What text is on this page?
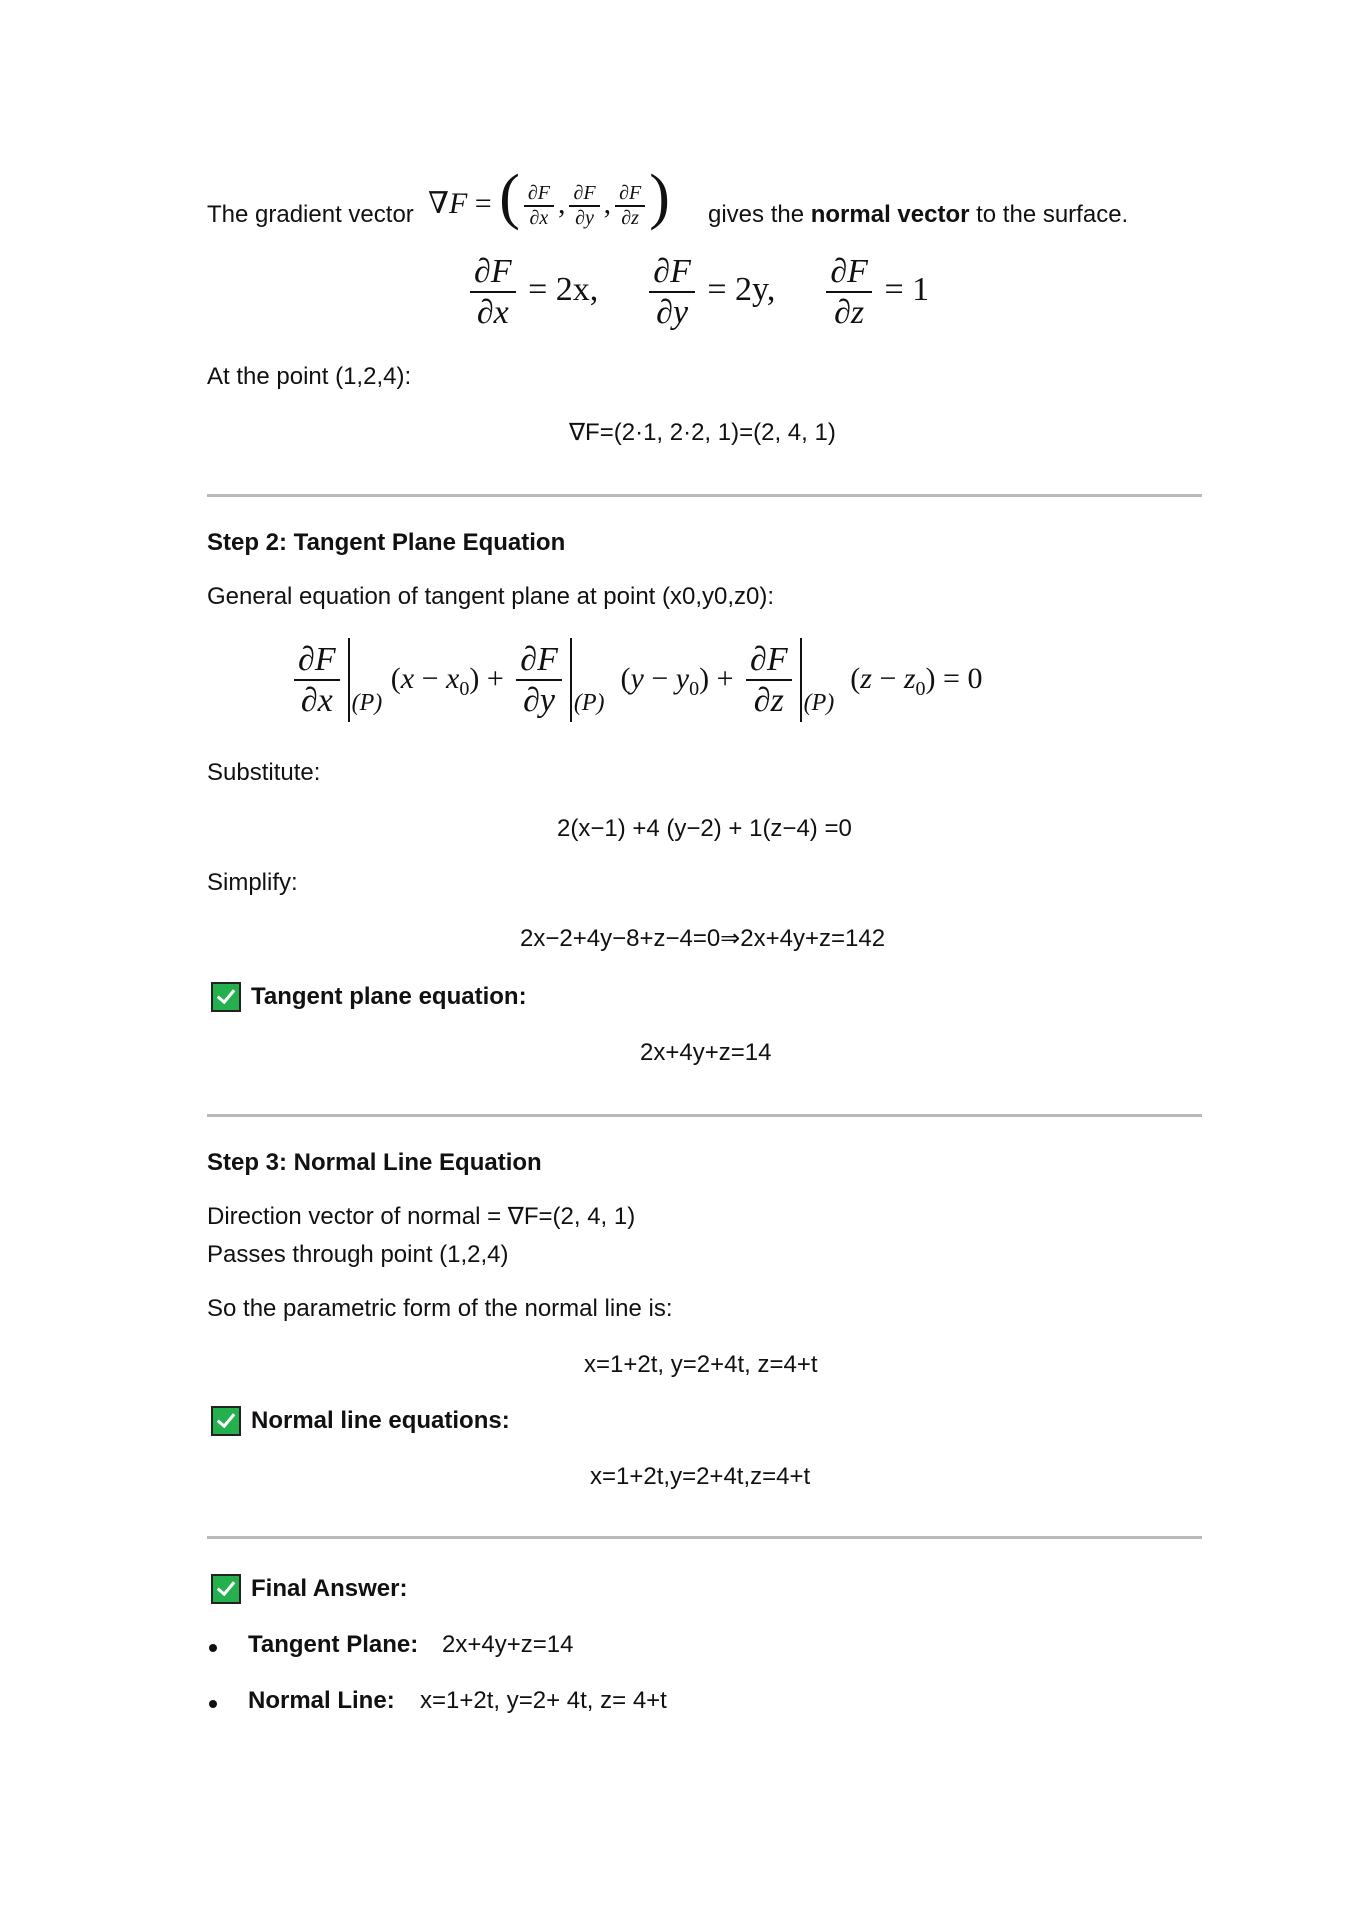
The gradient vector ∇F = ( $\frac{\partial F}{\partial x}$ , $\frac{\partial F}{\partial y}$ , $\frac{\partial F}{\partial z}$ ) gives the normal vector to the surface.
$\frac{\partial F}{\partial x} = 2x$, $\frac{\partial F}{\partial y} = 2y$, $\frac{\partial F}{\partial z} = 1$
At the point (1,2,4):
∇F=(2·1, 2·2, 1)=(2, 4, 1)
Step 2: Tangent Plane Equation
General equation of tangent plane at point (x0,y0,z0):
$\frac{\partial F}{\partial x} _{(P)}$ $(x - x_0) + \frac{\partial F}{\partial y} _{(P)}$  $(y - y_0) + \frac{\partial F}{\partial z} _{(P)}$  $(z - z_0) = 0$
Substitute:
2(x−1) +4 (y−2) + 1(z−4) =0
Simplify:
2x−2+4y−8+z−4=0⇒2x+4y+z=142
Tangent plane equation:
2x+4y+z=14
Step 3: Normal Line Equation
Direction vector of normal = ∇F=(2, 4, 1)
Passes through point (1,2,4)
So the parametric form of the normal line is:
x=1+2t, y=2+4t, z=4+t
Normal line equations:
x=1+2t,y=2+4t,z=4+t
Final Answer:
Tangent Plane: 2x+4y+z=14
Normal Line: x=1+2t, y=2+ 4t, z= 4+t
